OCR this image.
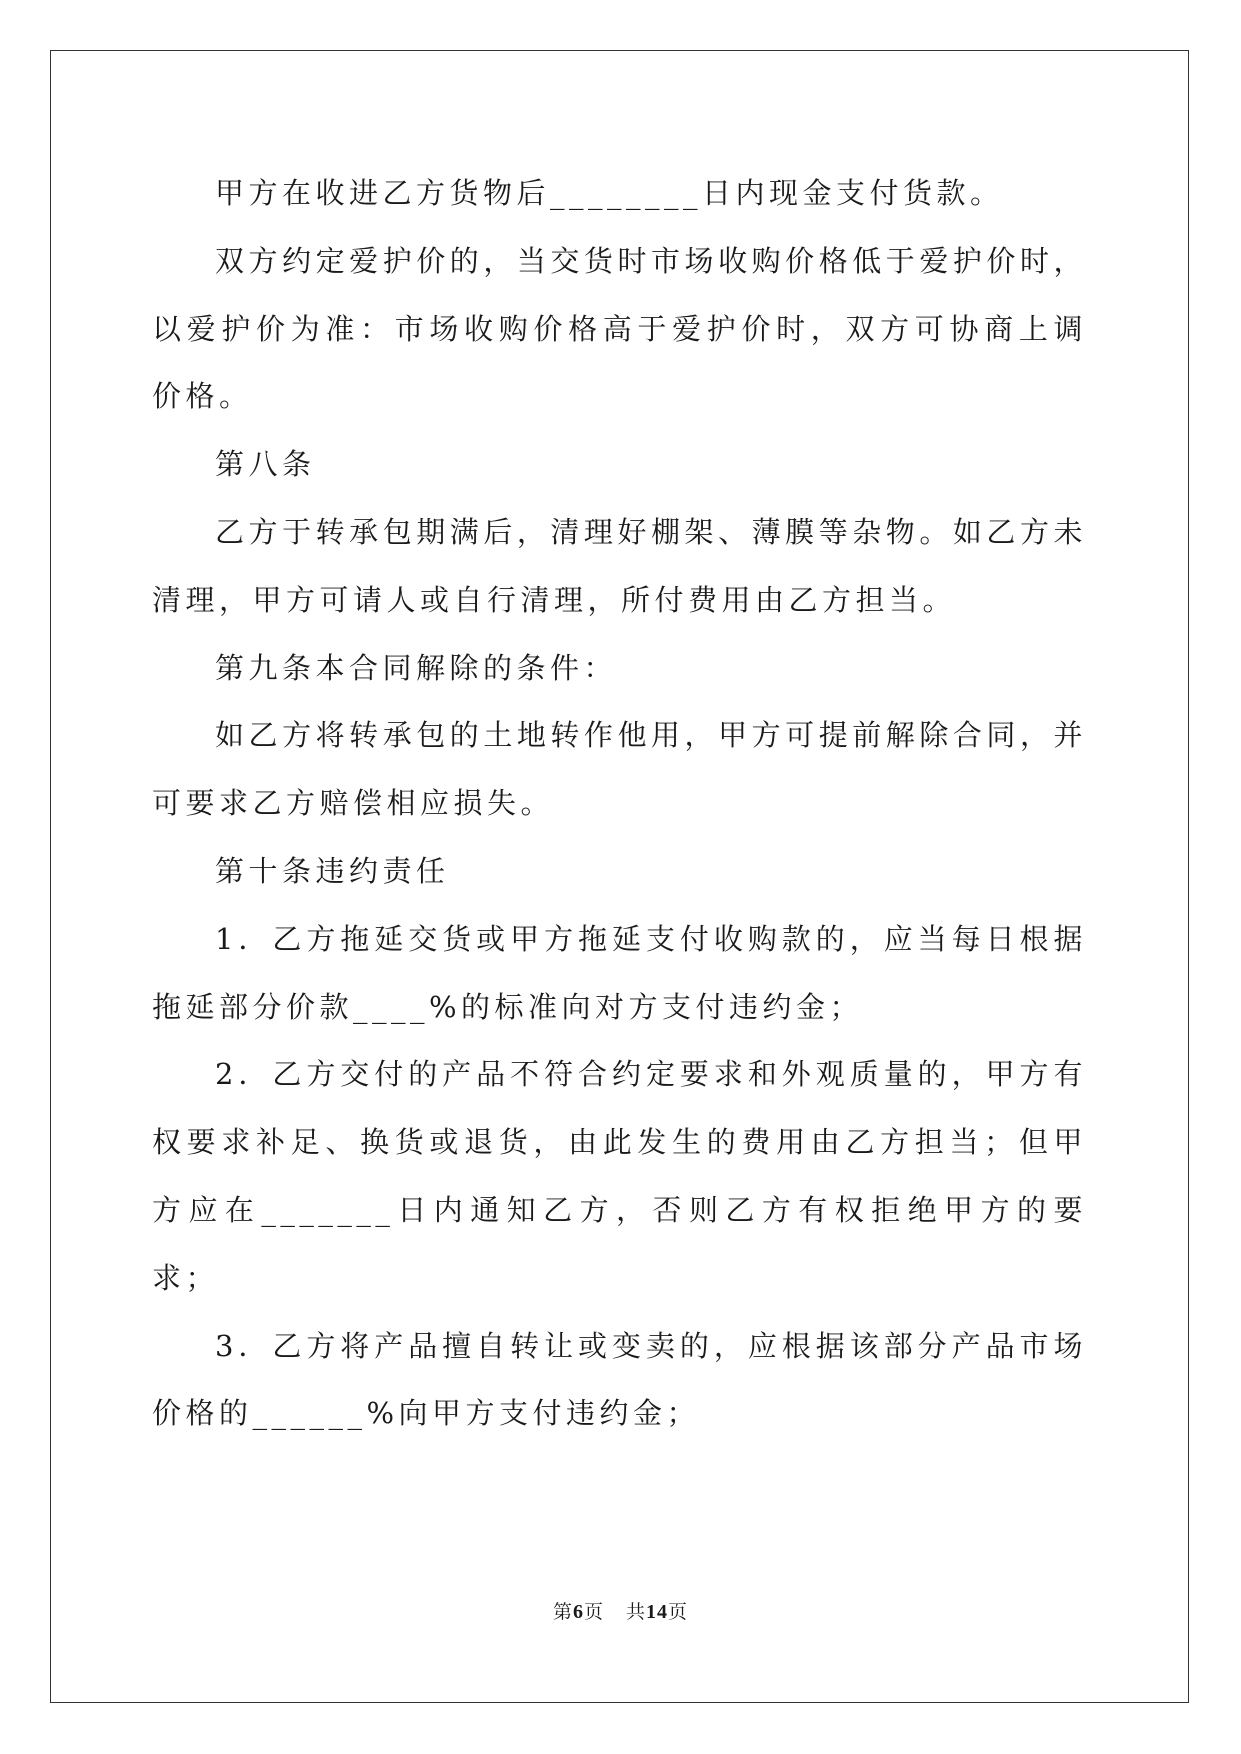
甲方在收进乙方货物后________日内现金支付货款。

双方约定爱护价的，当交货时市场收购价格低于爱护价时，以爱护价为准：市场收购价格高于爱护价时，双方可协商上调价格。

第八条

乙方于转承包期满后，清理好棚架、薄膜等杂物。如乙方未清理，甲方可请人或自行清理，所付费用由乙方担当。

第九条本合同解除的条件：

如乙方将转承包的土地转作他用，甲方可提前解除合同，并可要求乙方赔偿相应损失。

第十条违约责任

1．乙方拖延交货或甲方拖延支付收购款的，应当每日根据拖延部分价款____%的标准向对方支付违约金；

2．乙方交付的产品不符合约定要求和外观质量的，甲方有权要求补足、换货或退货，由此发生的费用由乙方担当；但甲方应在_______日内通知乙方，否则乙方有权拒绝甲方的要求；

3．乙方将产品擅自转让或变卖的，应根据该部分产品市场价格的______%向甲方支付违约金；

第6页 共14页
